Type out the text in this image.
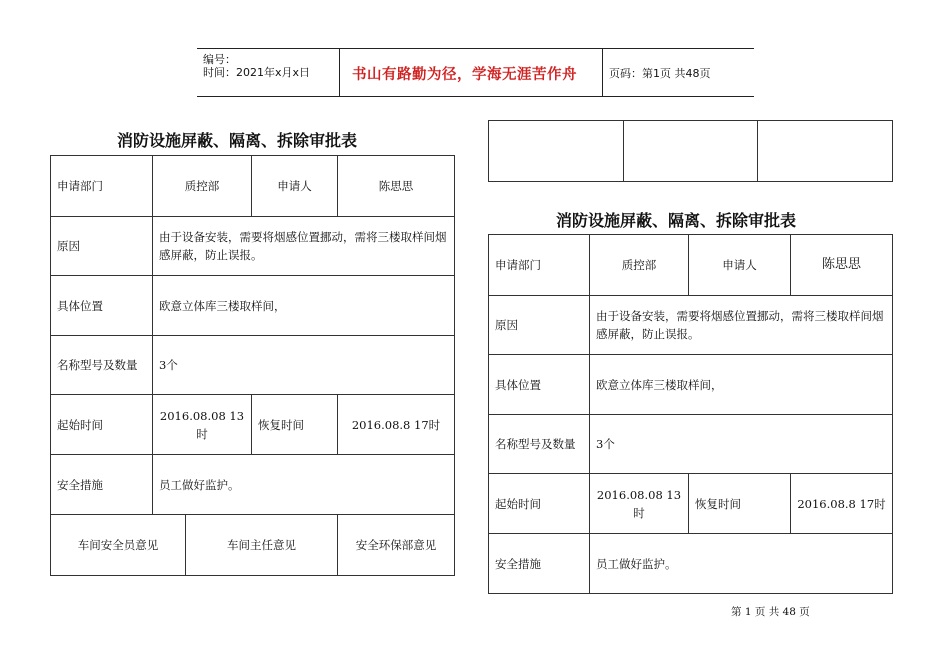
编号：
时间：2021年x月x日	书山有路勤为径，学海无涯苦作舟	页码：第1页 共48页
消防设施屏蔽、隔离、拆除审批表
申请部门	质控部		申请人	陈思思
原因	由于设备安装，需要将烟感位置挪动，需将三楼取样间烟感屏蔽，防止误报。			
具体位置	欧意立体库三楼取样间，			
名称型号及数量	3个			
起始时间	2016.08.08 13时		恢复时间	2016.08.8 17时
安全措施	员工做好监护。			
车间安全员意见		车间主任意见		安全环保部意见

消防设施屏蔽、隔离、拆除审批表
申请部门	质控部	申请人	陈思思
原因	由于设备安装，需要将烟感位置挪动，需将三楼取样间烟感屏蔽，防止误报。		
具体位置	欧意立体库三楼取样间，		
名称型号及数量	3个		
起始时间	2016.08.08 13时	恢复时间	2016.08.8 17时
安全措施	员工做好监护。		
第 1 页 共 48 页
